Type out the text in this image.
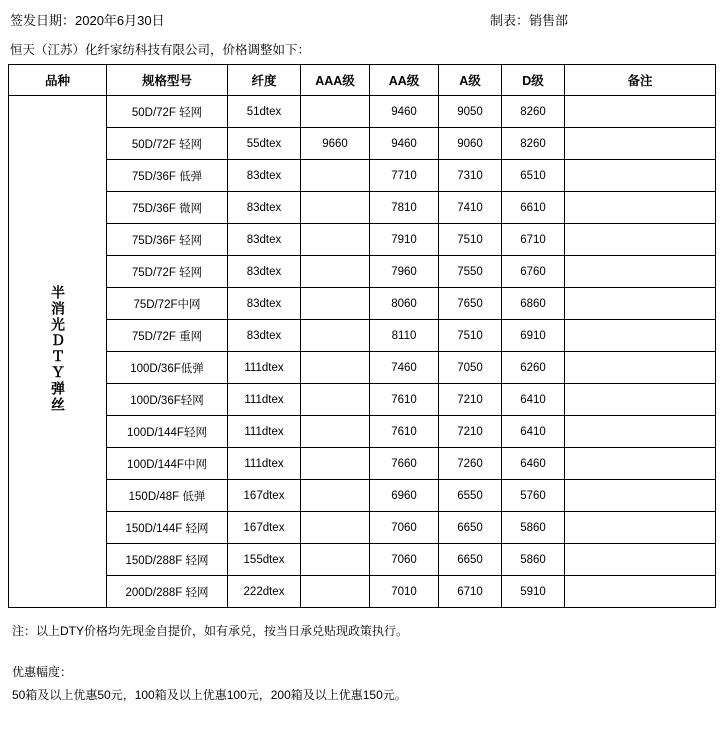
签发日期：2020年6月30日	制表：销售部
恒天（江苏）化纤家纺科技有限公司，价格调整如下：
品种	规格型号	纤度	AAA级	AA级	A级	D级	备注
半消光ＤＴＹ弹丝	50D/72F 轻网	51dtex		9460	9050	8260	
	50D/72F 轻网	55dtex	9660	9460	9060	8260	
	75D/36F 低弹	83dtex		7710	7310	6510	
	75D/36F 微网	83dtex		7810	7410	6610	
	75D/36F 轻网	83dtex		7910	7510	6710	
	75D/72F 轻网	83dtex		7960	7550	6760	
	75D/72F中网	83dtex		8060	7650	6860	
	75D/72F 重网	83dtex		8110	7510	6910	
	100D/36F低弹	111dtex		7460	7050	6260	
	100D/36F轻网	111dtex		7610	7210	6410	
	100D/144F轻网	111dtex		7610	7210	6410	
	100D/144F中网	111dtex		7660	7260	6460	
	150D/48F 低弹	167dtex		6960	6550	5760	
	150D/144F 轻网	167dtex		7060	6650	5860	
	150D/288F 轻网	155dtex		7060	6650	5860	
	200D/288F 轻网	222dtex		7010	6710	5910	
注：以上DTY价格均先现金自提价，如有承兑，按当日承兑贴现政策执行。
优惠幅度：
50箱及以上优惠50元，100箱及以上优惠100元，200箱及以上优惠150元。
